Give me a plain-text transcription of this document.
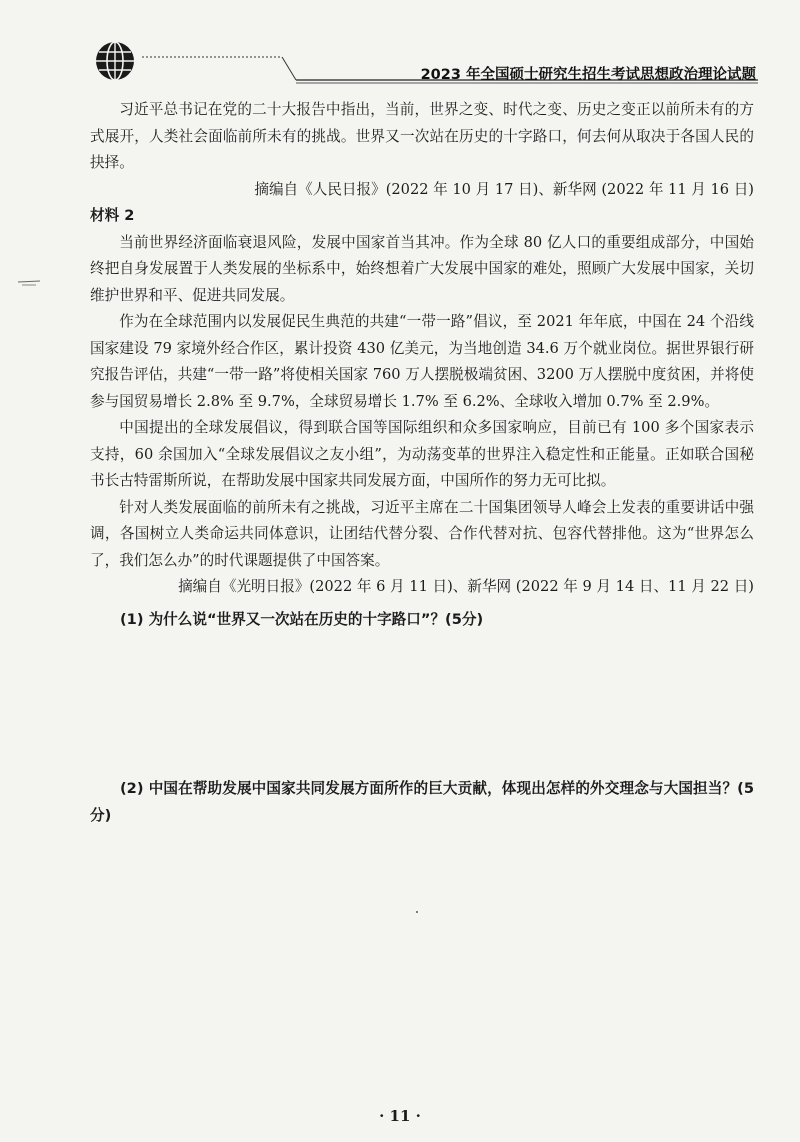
2023 年全国硕士研究生招生考试思想政治理论试题

习近平总书记在党的二十大报告中指出，当前，世界之变、时代之变、历史之变正以前所未有的方式展开，人类社会面临前所未有的挑战。世界又一次站在历史的十字路口，何去何从取决于各国人民的抉择。

摘编自《人民日报》(2022 年 10 月 17 日)、新华网 (2022 年 11 月 16 日)

材料 2

当前世界经济面临衰退风险，发展中国家首当其冲。作为全球 80 亿人口的重要组成部分，中国始终把自身发展置于人类发展的坐标系中，始终想着广大发展中国家的难处，照顾广大发展中国家，关切维护世界和平、促进共同发展。

作为在全球范围内以发展促民生典范的共建“一带一路”倡议，至 2021 年年底，中国在 24 个沿线国家建设 79 家境外经合作区，累计投资 430 亿美元，为当地创造 34.6 万个就业岗位。据世界银行研究报告评估，共建“一带一路”将使相关国家 760 万人摆脱极端贫困、3200 万人摆脱中度贫困，并将使参与国贸易增长 2.8% 至 9.7%，全球贸易增长 1.7% 至 6.2%、全球收入增加 0.7% 至 2.9%。

中国提出的全球发展倡议，得到联合国等国际组织和众多国家响应，目前已有 100 多个国家表示支持，60 余国加入“全球发展倡议之友小组”，为动荡变革的世界注入稳定性和正能量。正如联合国秘书长古特雷斯所说，在帮助发展中国家共同发展方面，中国所作的努力无可比拟。

针对人类发展面临的前所未有之挑战，习近平主席在二十国集团领导人峰会上发表的重要讲话中强调，各国树立人类命运共同体意识，让团结代替分裂、合作代替对抗、包容代替排他。这为“世界怎么了，我们怎么办”的时代课题提供了中国答案。

摘编自《光明日报》(2022 年 6 月 11 日)、新华网 (2022 年 9 月 14 日、11 月 22 日)

(1) 为什么说“世界又一次站在历史的十字路口”？(5分)

(2) 中国在帮助发展中国家共同发展方面所作的巨大贡献，体现出怎样的外交理念与大国担当？(5分)

· 11 ·
